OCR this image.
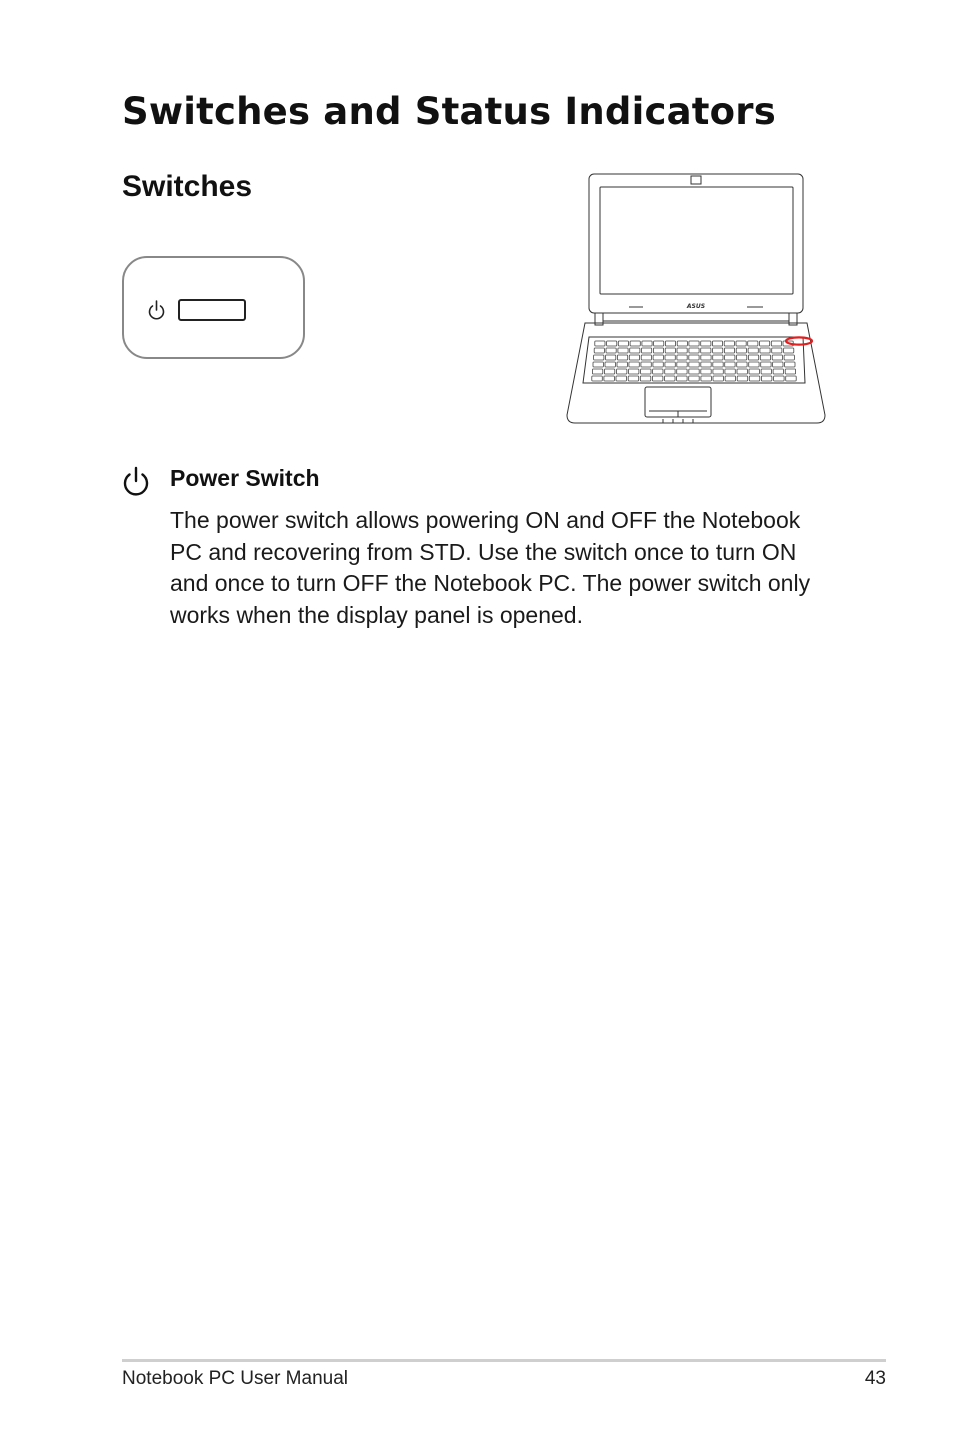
Switches and Status Indicators
Switches
ASUS
Power Switch

The power switch allows powering ON and OFF the Notebook PC and recovering from STD. Use the switch once to turn ON and once to turn OFF the Notebook PC. The power switch only works when the display panel is opened.

Notebook PC User Manual	43
